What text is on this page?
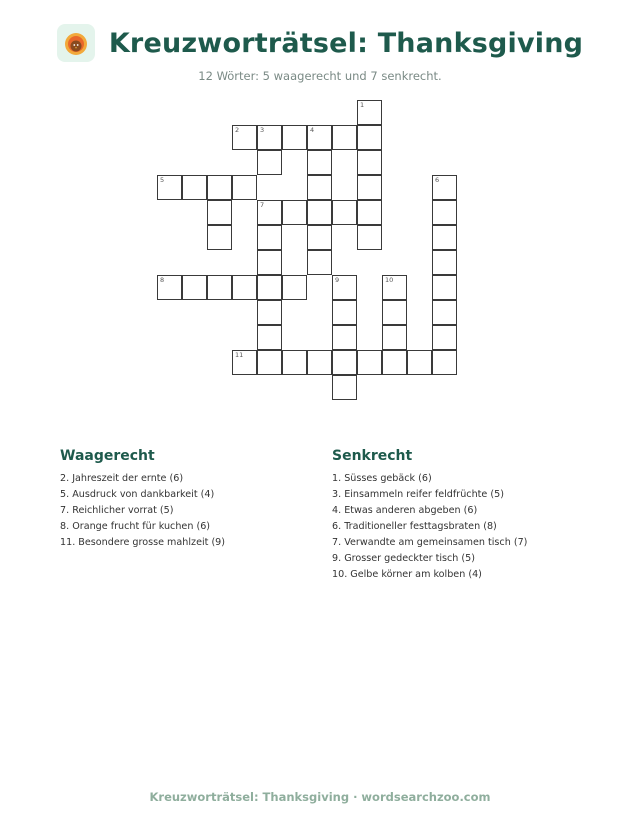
Kreuzworträtsel: Thanksgiving
12 Wörter: 5 waagerecht und 7 senkrecht.
1
2	3	4
5	6
7
8	9	10
11
Waagerecht
2. Jahreszeit der ernte (6)
5. Ausdruck von dankbarkeit (4)
7. Reichlicher vorrat (5)
8. Orange frucht für kuchen (6)
11. Besondere grosse mahlzeit (9)
Senkrecht
1. Süsses gebäck (6)
3. Einsammeln reifer feldfrüchte (5)
4. Etwas anderen abgeben (6)
6. Traditioneller festtagsbraten (8)
7. Verwandte am gemeinsamen tisch (7)
9. Grosser gedeckter tisch (5)
10. Gelbe körner am kolben (4)
Kreuzworträtsel: Thanksgiving · wordsearchzoo.com
